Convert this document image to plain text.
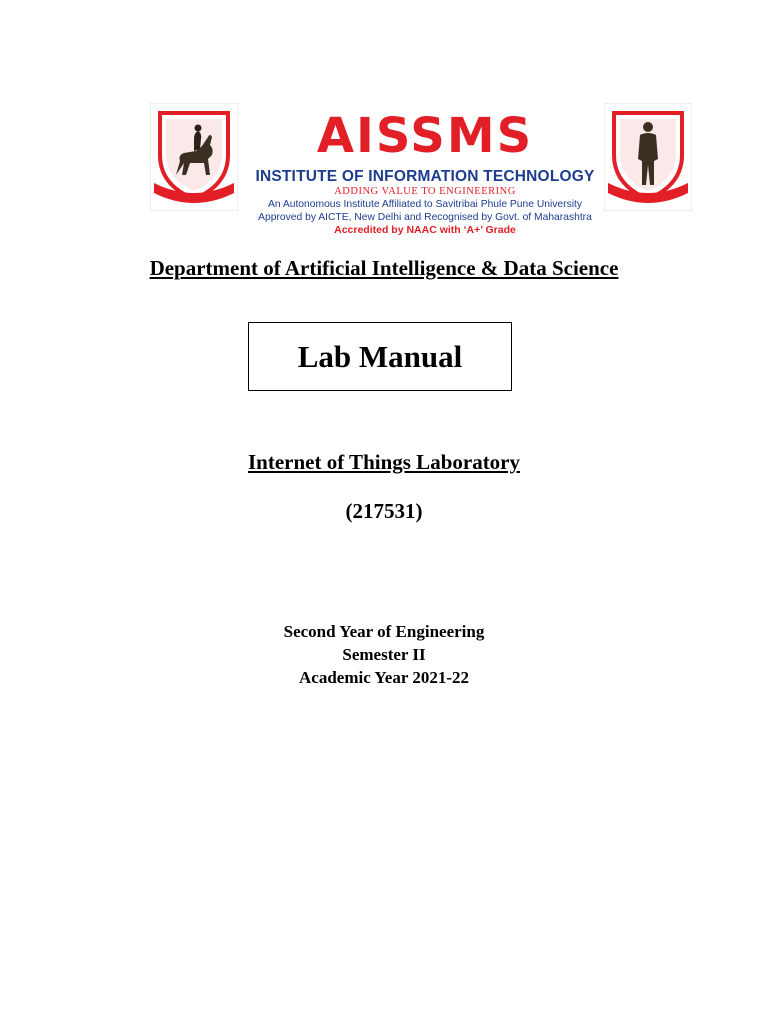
AISSMS
INSTITUTE OF INFORMATION TECHNOLOGY
ADDING VALUE TO ENGINEERING
An Autonomous Institute Affiliated to Savitribai Phule Pune University
Approved by AICTE, New Delhi and Recognised by Govt. of Maharashtra
Accredited by NAAC with ‘A+’ Grade
Department of Artificial Intelligence & Data Science
Lab Manual
Internet of Things Laboratory
(217531)
Second Year of Engineering
Semester II
Academic Year 2021-22
